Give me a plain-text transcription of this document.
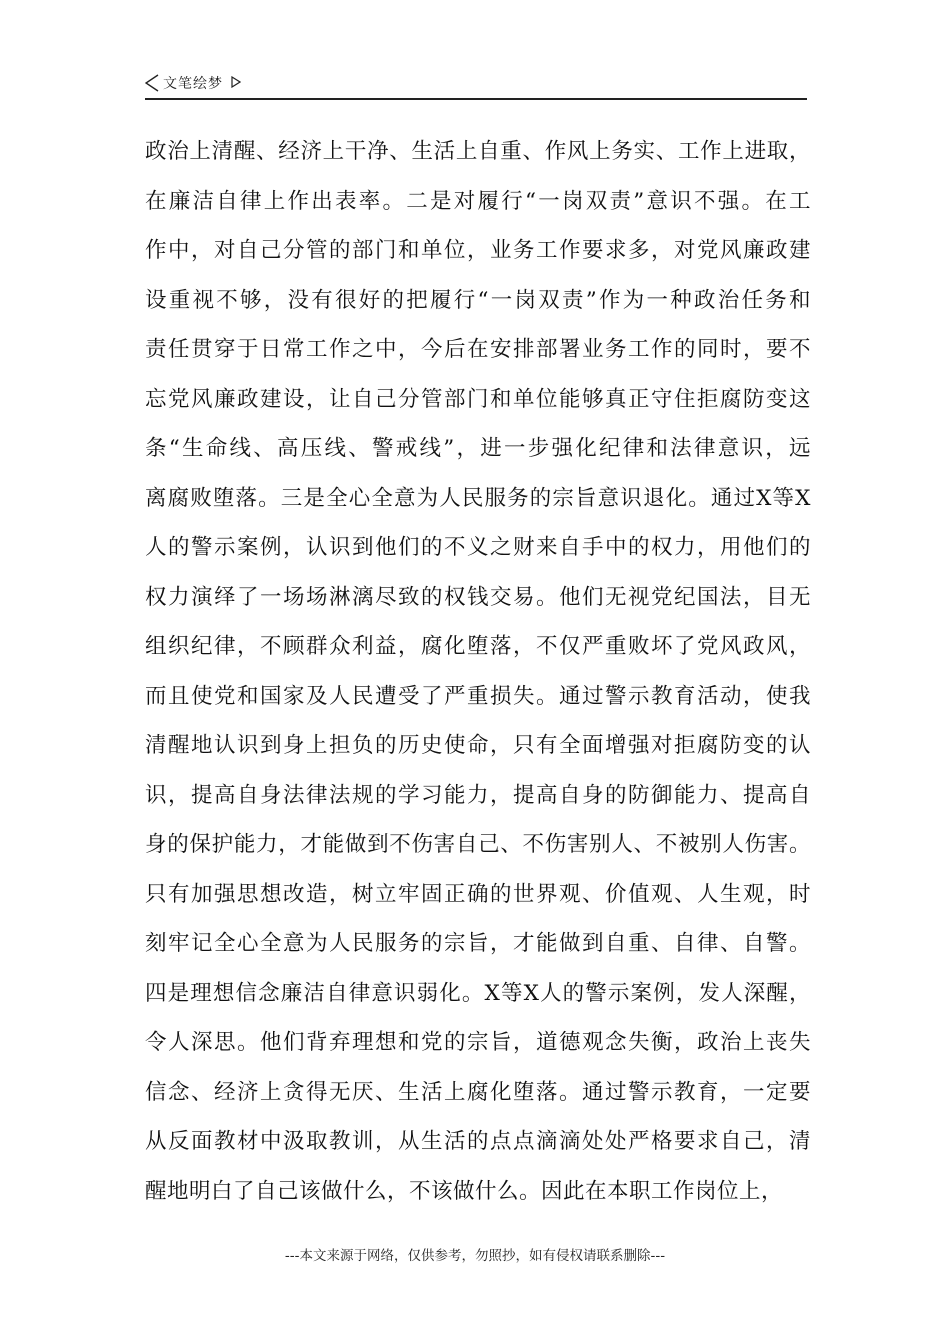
文笔绘梦
政治上清醒、经济上干净、生活上自重、作风上务实、工作上进取，
在廉洁自律上作出表率。二是对履行“一岗双责”意识不强。在工
作中，对自己分管的部门和单位，业务工作要求多，对党风廉政建
设重视不够，没有很好的把履行“一岗双责”作为一种政治任务和
责任贯穿于日常工作之中，今后在安排部署业务工作的同时，要不
忘党风廉政建设，让自己分管部门和单位能够真正守住拒腐防变这
条“生命线、高压线、警戒线”，进一步强化纪律和法律意识，远
离腐败堕落。三是全心全意为人民服务的宗旨意识退化。通过X等X
人的警示案例，认识到他们的不义之财来自手中的权力，用他们的
权力演绎了一场场淋漓尽致的权钱交易。他们无视党纪国法，目无
组织纪律，不顾群众利益，腐化堕落，不仅严重败坏了党风政风，
而且使党和国家及人民遭受了严重损失。通过警示教育活动，使我
清醒地认识到身上担负的历史使命，只有全面增强对拒腐防变的认
识，提高自身法律法规的学习能力，提高自身的防御能力、提高自
身的保护能力，才能做到不伤害自己、不伤害别人、不被别人伤害。
只有加强思想改造，树立牢固正确的世界观、价值观、人生观，时
刻牢记全心全意为人民服务的宗旨，才能做到自重、自律、自警。
四是理想信念廉洁自律意识弱化。X等X人的警示案例，发人深醒，
令人深思。他们背弃理想和党的宗旨，道德观念失衡，政治上丧失
信念、经济上贪得无厌、生活上腐化堕落。通过警示教育，一定要
从反面教材中汲取教训，从生活的点点滴滴处处严格要求自己，清
醒地明白了自己该做什么，不该做什么。因此在本职工作岗位上，
---本文来源于网络，仅供参考，勿照抄，如有侵权请联系删除---
